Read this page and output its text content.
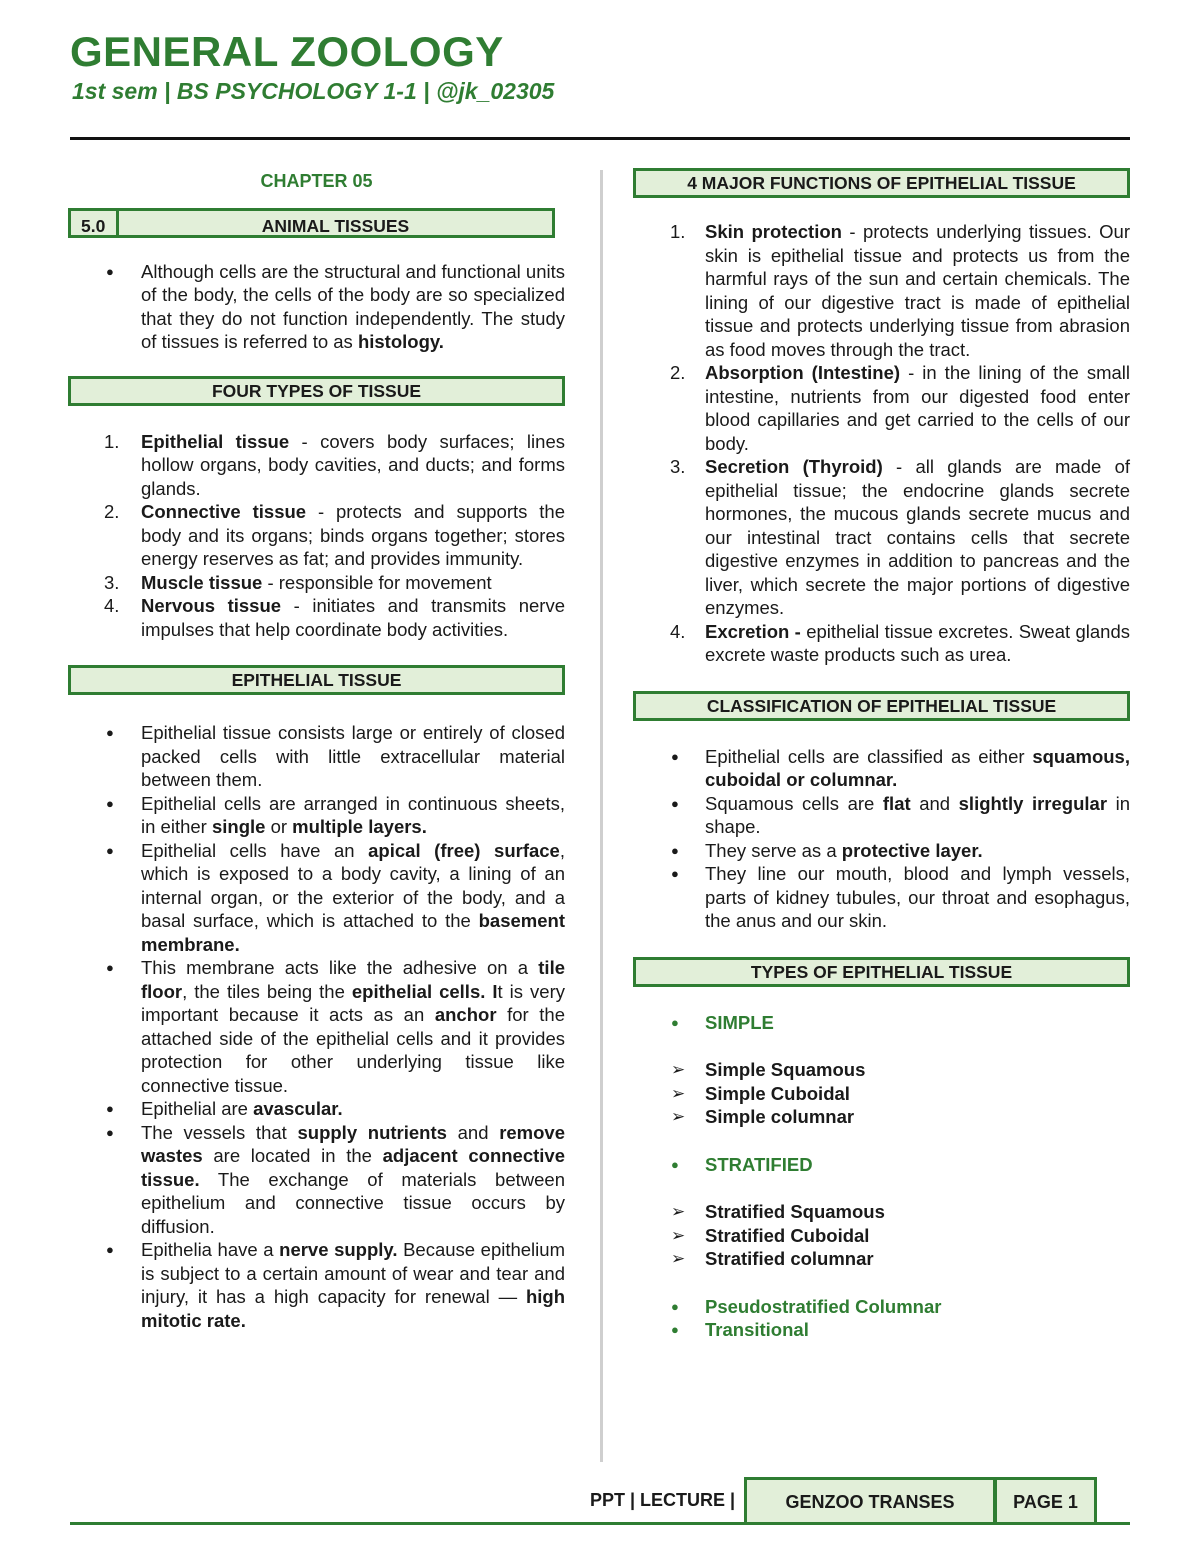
GENERAL ZOOLOGY
1st sem | BS PSYCHOLOGY 1-1 | @jk_02305
CHAPTER 05
5.0	ANIMAL TISSUES
● Although cells are the structural and functional units of the body, the cells of the body are so specialized that they do not function independently. The study of tissues is referred to as histology.
FOUR TYPES OF TISSUE
1. Epithelial tissue - covers body surfaces; lines hollow organs, body cavities, and ducts; and forms glands.
2. Connective tissue - protects and supports the body and its organs; binds organs together; stores energy reserves as fat; and provides immunity.
3. Muscle tissue - responsible for movement
4. Nervous tissue - initiates and transmits nerve impulses that help coordinate body activities.
EPITHELIAL TISSUE
● Epithelial tissue consists large or entirely of closed packed cells with little extracellular material between them.
● Epithelial cells are arranged in continuous sheets, in either single or multiple layers.
● Epithelial cells have an apical (free) surface, which is exposed to a body cavity, a lining of an internal organ, or the exterior of the body, and a basal surface, which is attached to the basement membrane.
● This membrane acts like the adhesive on a tile floor, the tiles being the epithelial cells. It is very important because it acts as an anchor for the attached side of the epithelial cells and it provides protection for other underlying tissue like connective tissue.
● Epithelial are avascular.
● The vessels that supply nutrients and remove wastes are located in the adjacent connective tissue. The exchange of materials between epithelium and connective tissue occurs by diffusion.
● Epithelia have a nerve supply. Because epithelium is subject to a certain amount of wear and tear and injury, it has a high capacity for renewal — high mitotic rate.
4 MAJOR FUNCTIONS OF EPITHELIAL TISSUE
1. Skin protection - protects underlying tissues. Our skin is epithelial tissue and protects us from the harmful rays of the sun and certain chemicals. The lining of our digestive tract is made of epithelial tissue and protects underlying tissue from abrasion as food moves through the tract.
2. Absorption (Intestine) - in the lining of the small intestine, nutrients from our digested food enter blood capillaries and get carried to the cells of our body.
3. Secretion (Thyroid) - all glands are made of epithelial tissue; the endocrine glands secrete hormones, the mucous glands secrete mucus and our intestinal tract contains cells that secrete digestive enzymes in addition to pancreas and the liver, which secrete the major portions of digestive enzymes.
4. Excretion - epithelial tissue excretes. Sweat glands excrete waste products such as urea.
CLASSIFICATION OF EPITHELIAL TISSUE
● Epithelial cells are classified as either squamous, cuboidal or columnar.
● Squamous cells are flat and slightly irregular in shape.
● They serve as a protective layer.
● They line our mouth, blood and lymph vessels, parts of kidney tubules, our throat and esophagus, the anus and our skin.
TYPES OF EPITHELIAL TISSUE
● SIMPLE
➢ Simple Squamous
➢ Simple Cuboidal
➢ Simple columnar
● STRATIFIED
➢ Stratified Squamous
➢ Stratified Cuboidal
➢ Stratified columnar
● Pseudostratified Columnar
● Transitional
PPT | LECTURE |	GENZOO TRANSES	PAGE 1
